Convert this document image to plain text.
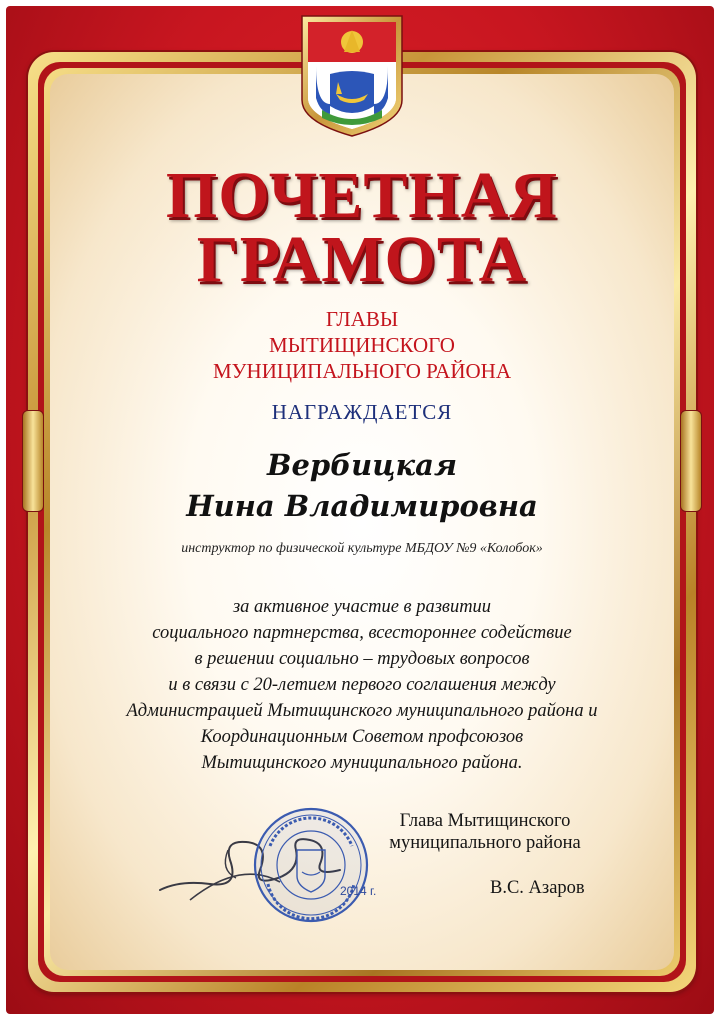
ПОЧЕТНАЯ
ГРАМОТА
ГЛАВЫ
МЫТИЩИНСКОГО
МУНИЦИПАЛЬНОГО РАЙОНА
НАГРАЖДАЕТСЯ
Вербицкая
Нина Владимировна
инструктор по физической культуре МБДОУ №9 «Колобок»
за активное участие в развитии
социального партнерства, всестороннее содействие
в решении социально – трудовых вопросов
и в связи с 20-летием первого соглашения между
Администрацией Мытищинского муниципального района и
Координационным Советом профсоюзов
Мытищинского муниципального района.
Глава Мытищинского
муниципального района
2014 г.	В.С. Азаров
